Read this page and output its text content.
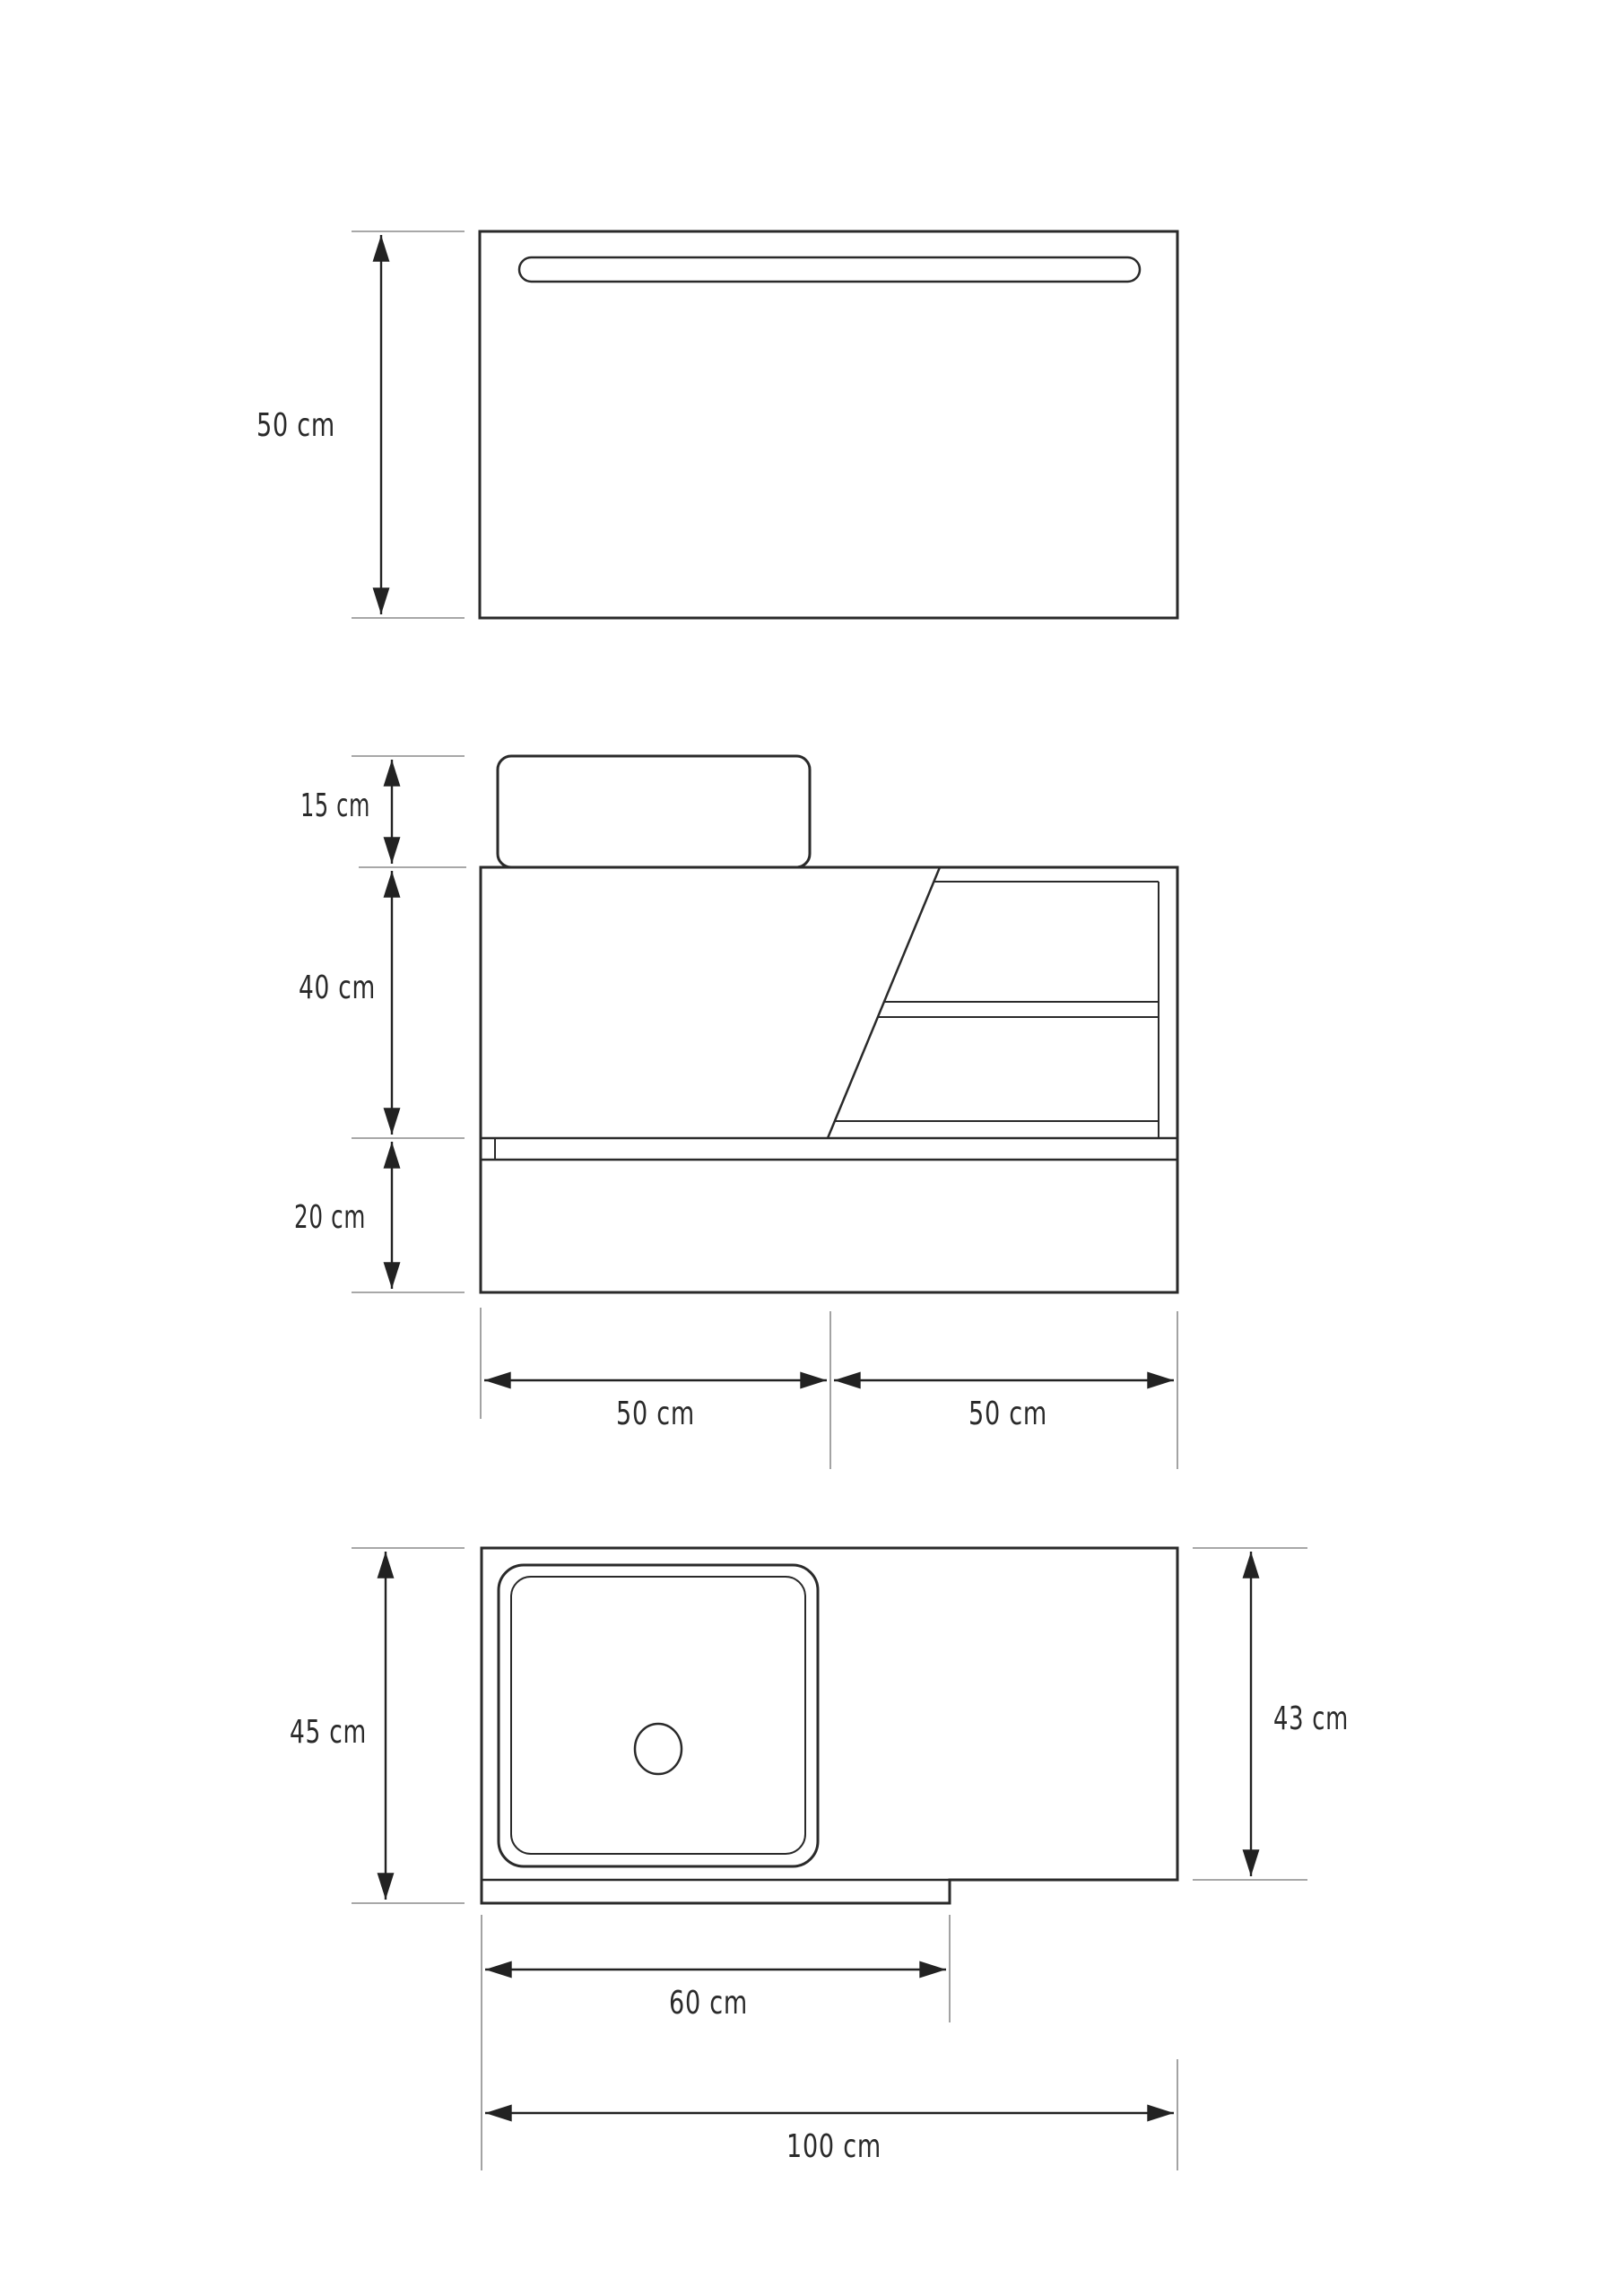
50 cm
15 cm
40 cm
20 cm
50 cm	50 cm
45 cm	43 cm
60 cm
100 cm
